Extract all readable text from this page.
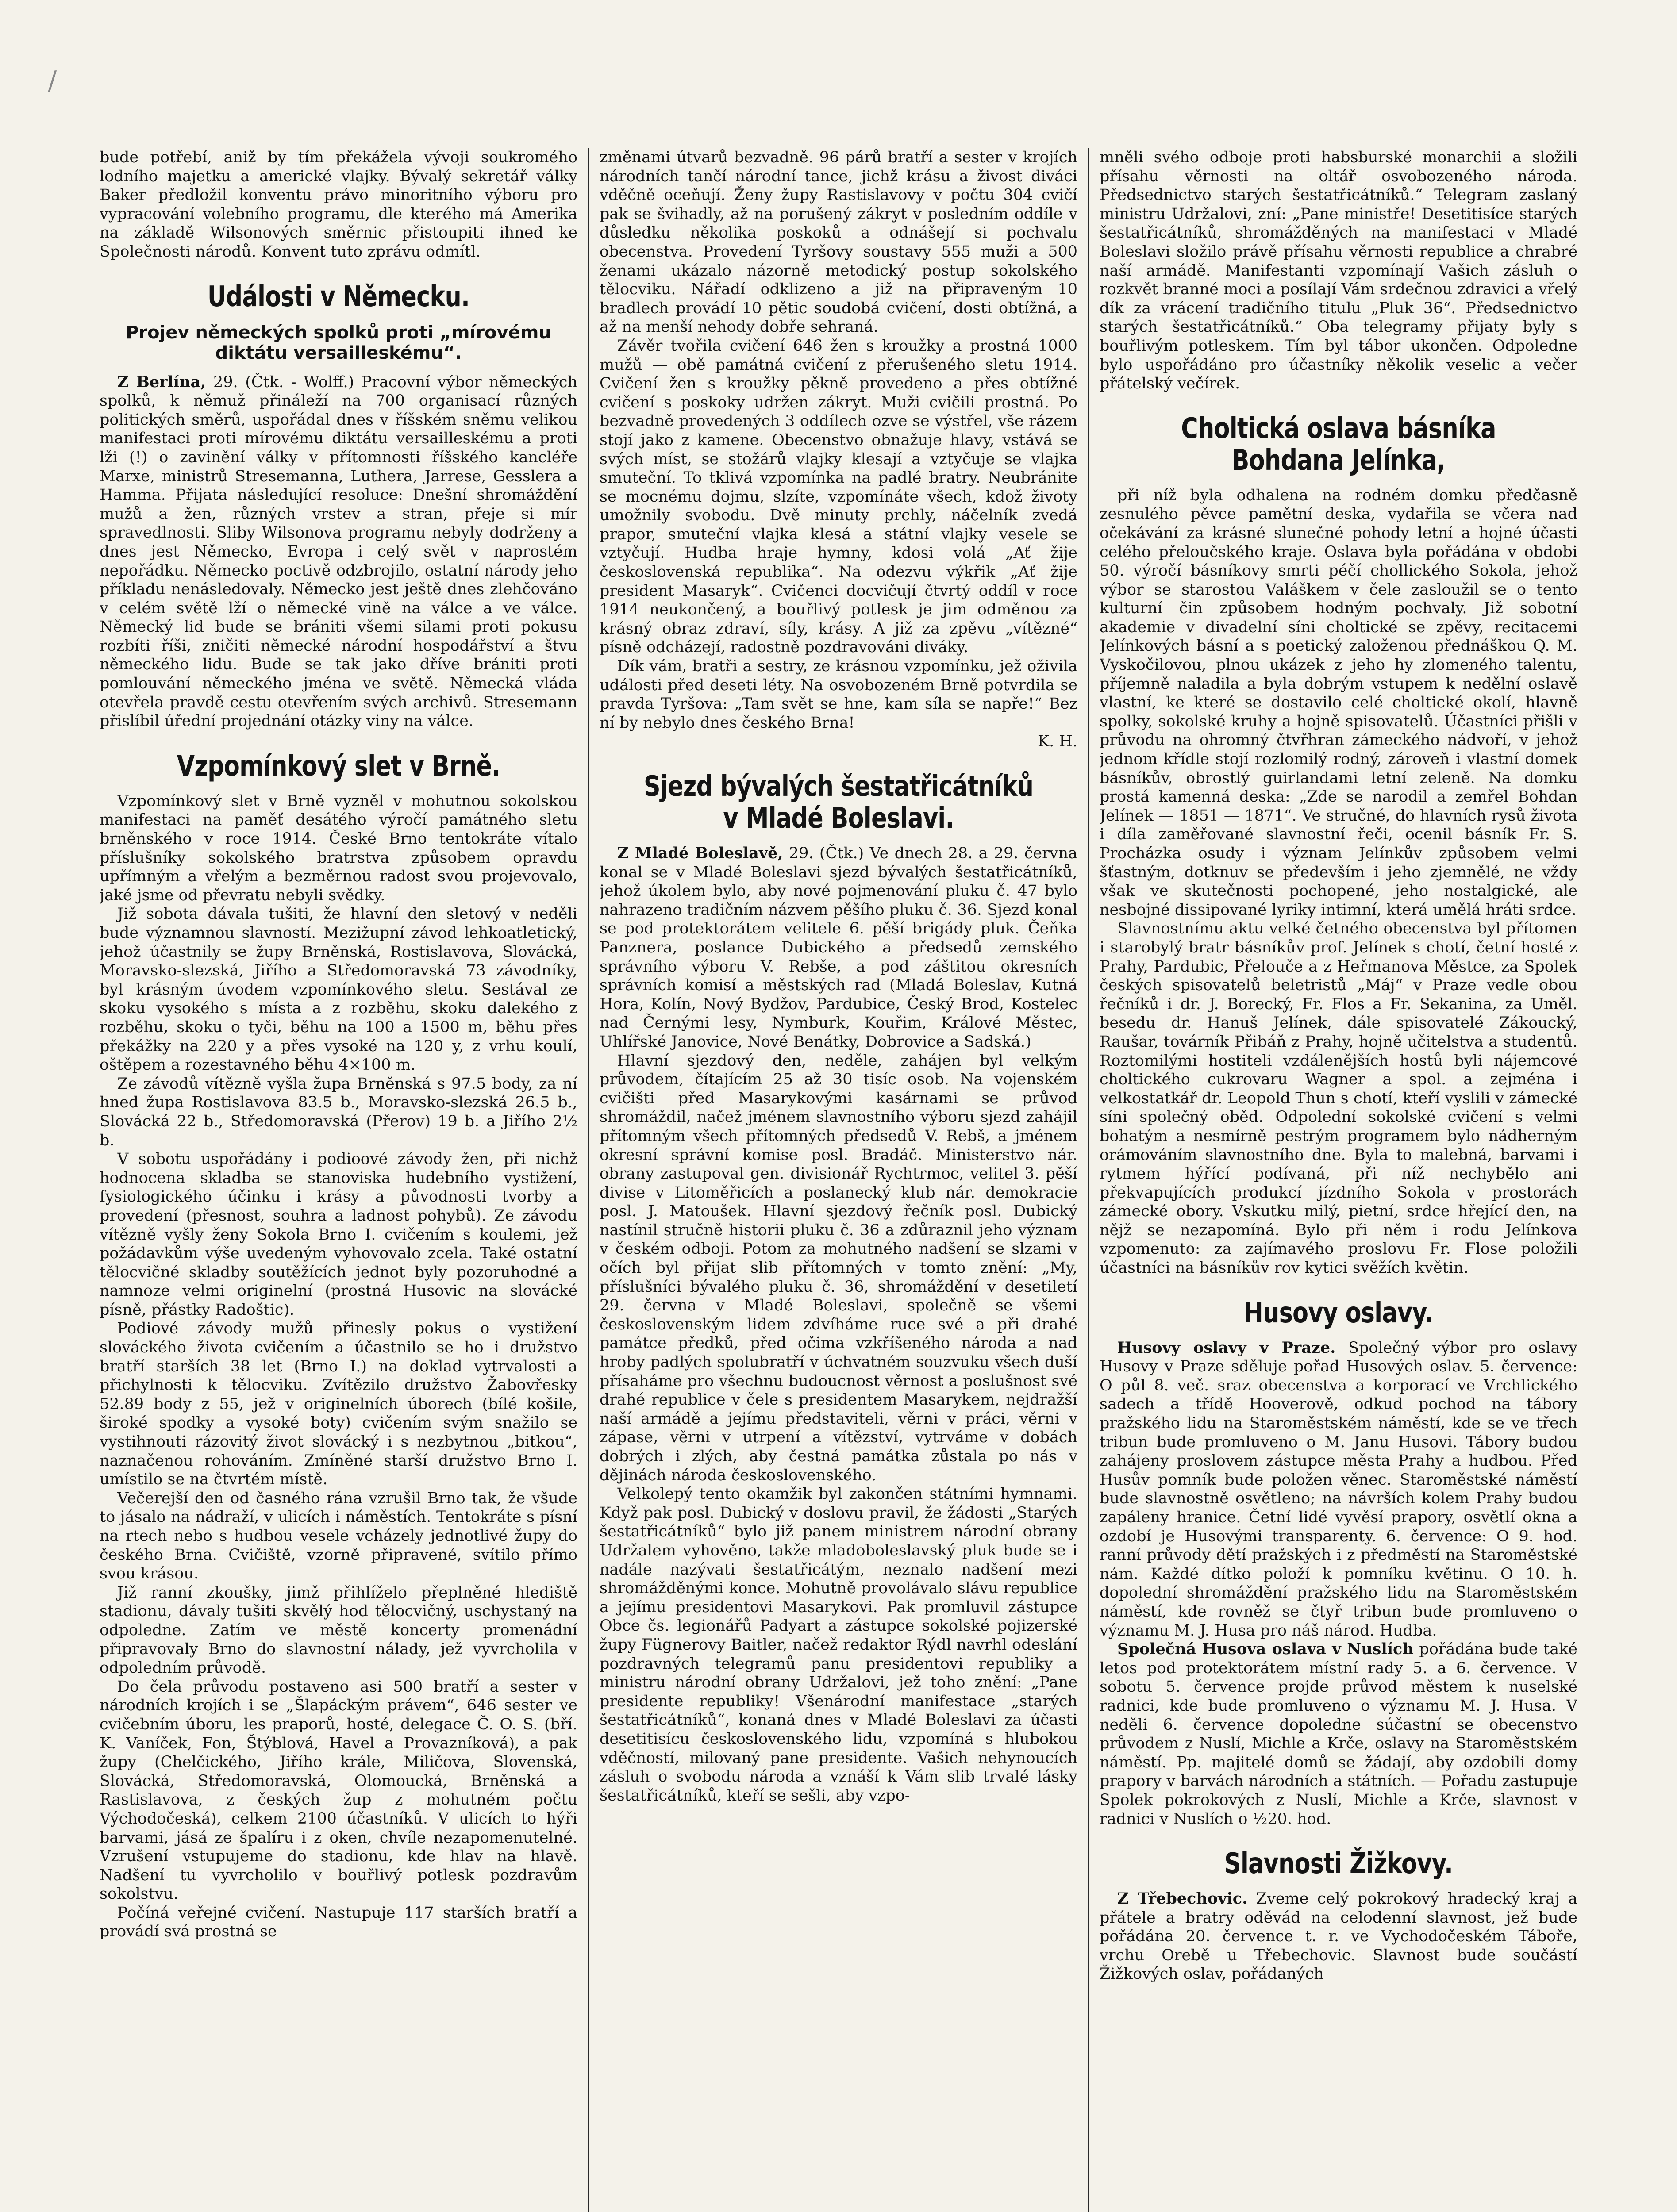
/

bude potřebí, aniž by tím překážela vývoji soukromého lodního majetku a americké vlajky. Bývalý sekretář války Baker předložil konventu právo minoritního výboru pro vypracování volebního programu, dle kterého má Amerika na základě Wilsonových směrnic přistoupiti ihned ke Společnosti národů. Konvent tuto zprávu odmítl.

Události v Německu.
Projev německých spolků proti „mírovému diktátu versailleskému“.

Z Berlína, 29. (Čtk. - Wolff.) Pracovní výbor německých spolků, k němuž přináleží na 700 organisací různých politických směrů, uspořádal dnes v říšském sněmu velikou manifestaci proti mírovému diktátu versailleskému a proti lži (!) o zavinění války v přítomnosti říšského kancléře Marxe, ministrů Stresemanna, Luthera, Jarrese, Gesslera a Hamma. Přijata následující resoluce: Dnešní shromáždění mužů a žen, různých vrstev a stran, přeje si mír spravedlnosti. Sliby Wilsonova programu nebyly dodrženy a dnes jest Německo, Evropa i celý svět v naprostém nepořádku. Německo poctivě odzbrojilo, ostatní národy jeho příkladu nenásledovaly. Německo jest ještě dnes zlehčováno v celém světě lží o německé vině na válce a ve válce. Německý lid bude se brániti všemi silami proti pokusu rozbíti říši, zničiti německé národní hospodářství a štvu německého lidu. Bude se tak jako dříve brániti proti pomlouvání německého jména ve světě. Německá vláda otevřela pravdě cestu otevřením svých archivů. Stresemann přislíbil úřední projednání otázky viny na válce.

Vzpomínkový slet v Brně.

Vzpomínkový slet v Brně vyzněl v mohutnou sokolskou manifestaci na paměť desátého výročí památného sletu brněnského v roce 1914. České Brno tentokráte vítalo příslušníky sokolského bratrstva způsobem opravdu upřímným a vřelým a bezměrnou radost svou projevovalo, jaké jsme od převratu nebyli svědky.

Již sobota dávala tušiti, že hlavní den sletový v neděli bude významnou slavností. Mezižupní závod lehkoatletický, jehož účastnily se župy Brněnská, Rostislavova, Slovácká, Moravsko-slezská, Jiřího a Středomoravská 73 závodníky, byl krásným úvodem vzpomínkového sletu. Sestával ze skoku vysokého s místa a z rozběhu, skoku dalekého z rozběhu, skoku o tyči, běhu na 100 a 1500 m, běhu přes překážky na 220 y a přes vysoké na 120 y, z vrhu koulí, oštěpem a rozestavného běhu 4×100 m.

Ze závodů vítězně vyšla župa Brněnská s 97.5 body, za ní hned župa Rostislavova 83.5 b., Moravsko-slezská 26.5 b., Slovácká 22 b., Středomoravská (Přerov) 19 b. a Jiřího 2½ b.

V sobotu uspořádány i podioové závody žen, při nichž hodnocena skladba se stanoviska hudebního vystižení, fysiologického účinku i krásy a původnosti tvorby a provedení (přesnost, souhra a ladnost pohybů). Ze závodu vítězně vyšly ženy Sokola Brno I. cvičením s koulemi, jež požádavkům výše uvedeným vyhovovalo zcela. Také ostatní tělocvičné skladby soutěžících jednot byly pozoruhodné a namnoze velmi originelní (prostná Husovic na slovácké písně, přástky Radoštic).

Podiové závody mužů přinesly pokus o vystižení slováckého života cvičením a účastnilo se ho i družstvo bratří starších 38 let (Brno I.) na doklad vytrvalosti a přichylnosti k tělocviku. Zvítězilo družstvo Žabovřesky 52.89 body z 55, jež v originelních úborech (bílé košile, široké spodky a vysoké boty) cvičením svým snažilo se vystihnouti rázovitý život slovácký i s nezbytnou „bitkou“, naznačenou rohováním. Zmíněné starší družstvo Brno I. umístilo se na čtvrtém místě.

Večerejší den od časného rána vzrušil Brno tak, že všude to jásalo na nádraží, v ulicích i náměstích. Tentokráte s písní na rtech nebo s hudbou vesele vcházely jednotlivé župy do českého Brna. Cvičiště, vzorně připravené, svítilo přímo svou krásou.

Již ranní zkoušky, jimž přihlíželo přeplněné hlediště stadionu, dávaly tušiti skvělý hod tělocvičný, uschystaný na odpoledne. Zatím ve městě koncerty promenádní připravovaly Brno do slavnostní nálady, jež vyvrcholila v odpoledním průvodě.

Do čela průvodu postaveno asi 500 bratří a sester v národních krojích i se „Šlapáckým právem“, 646 sester ve cvičebním úboru, les praporů, hosté, delegace Č. O. S. (bří. K. Vaníček, Fon, Štýblová, Havel a Provazníková), a pak župy (Chelčického, Jiřího krále, Miličova, Slovenská, Slovácká, Středomoravská, Olomoucká, Brněnská a Rastislavova, z českých žup z mohutném počtu Východočeská), celkem 2100 účastníků. V ulicích to hýři barvami, jásá ze špalíru i z oken, chvíle nezapomenutelné. Vzrušení vstupujeme do stadionu, kde hlav na hlavě. Nadšení tu vyvrcholilo v bouřlivý potlesk pozdravům sokolstvu.

Počíná veřejné cvičení. Nastupuje 117 starších bratří a provádí svá prostná se

změnami útvarů bezvadně. 96 párů bratří a sester v krojích národních tančí národní tance, jichž krásu a živost diváci vděčně oceňují. Ženy župy Rastislavovy v počtu 304 cvičí pak se švihadly, až na porušený zákryt v posledním oddíle v důsledku několika poskoků a odnášejí si pochvalu obecenstva. Provedení Tyršovy soustavy 555 muži a 500 ženami ukázalo názorně metodický postup sokolského tělocviku. Nářadí odklizeno a již na připraveným 10 bradlech provádí 10 pětic soudobá cvičení, dosti obtížná, a až na menší nehody dobře sehraná.

Závěr tvořila cvičení 646 žen s kroužky a prostná 1000 mužů — obě památná cvičení z přerušeného sletu 1914. Cvičení žen s kroužky pěkně provedeno a přes obtížné cvičení s poskoky udržen zákryt. Muži cvičili prostná. Po bezvadně provedených 3 oddílech ozve se výstřel, vše rázem stojí jako z kamene. Obecenstvo obnažuje hlavy, vstává se svých míst, se stožárů vlajky klesají a vztyčuje se vlajka smuteční. To tklivá vzpomínka na padlé bratry. Neubránite se mocnému dojmu, slzíte, vzpomínáte všech, kdož životy umožnily svobodu. Dvě minuty prchly, náčelník zvedá prapor, smuteční vlajka klesá a státní vlajky vesele se vztyčují. Hudba hraje hymny, kdosi volá „Ať žije československá republika“. Na odezvu výkřik „Ať žije president Masaryk“. Cvičenci docvičují čtvrtý oddíl v roce 1914 neukončený, a bouřlivý potlesk je jim odměnou za krásný obraz zdraví, síly, krásy. A již za zpěvu „vítězné“ písně odcházejí, radostně pozdravováni diváky.

Dík vám, bratři a sestry, ze krásnou vzpomínku, jež oživila události před deseti léty. Na osvobozeném Brně potvrdila se pravda Tyršova: „Tam svět se hne, kam síla se napře!“ Bez ní by nebylo dnes českého Brna!

K. H.

Sjezd bývalých šestatřicátníků v Mladé Boleslavi.

Z Mladé Boleslavě, 29. (Čtk.) Ve dnech 28. a 29. června konal se v Mladé Boleslavi sjezd bývalých šestatřicátníků, jehož úkolem bylo, aby nové pojmenování pluku č. 47 bylo nahrazeno tradičním názvem pěšího pluku č. 36. Sjezd konal se pod protektorátem velitele 6. pěší brigády pluk. Čeňka Panznera, poslance Dubického a předsedů zemského správního výboru V. Rebše, a pod záštitou okresních správních komisí a městských rad (Mladá Boleslav, Kutná Hora, Kolín, Nový Bydžov, Pardubice, Český Brod, Kostelec nad Černými lesy, Nymburk, Kouřim, Králové Městec, Uhlířské Janovice, Nové Benátky, Dobrovice a Sadská.)

Hlavní sjezdový den, neděle, zahájen byl velkým průvodem, čítajícím 25 až 30 tisíc osob. Na vojenském cvičišti před Masarykovými kasárnami se průvod shromáždil, načež jménem slavnostního výboru sjezd zahájil přítomným všech přítomných předsedů V. Rebš, a jménem okresní správní komise posl. Bradáč. Ministerstvo nár. obrany zastupoval gen. divisionář Rychtrmoc, velitel 3. pěší divise v Litoměřicích a poslanecký klub nár. demokracie posl. J. Matoušek. Hlavní sjezdový řečník posl. Dubický nastínil stručně historii pluku č. 36 a zdůraznil jeho význam v českém odboji. Potom za mohutného nadšení se slzami v očích byl přijat slib přítomných v tomto znění: „My, příslušníci bývalého pluku č. 36, shromáždění v desetiletí 29. června v Mladé Boleslavi, společně se všemi československým lidem zdvíháme ruce své a při drahé památce předků, před očima vzkříšeného národa a nad hroby padlých spolubratří v úchvatném souzvuku všech duší přísaháme pro všechnu budoucnost věrnost a poslušnost své drahé republice v čele s presidentem Masarykem, nejdražší naší armádě a jejímu představiteli, věrni v práci, věrni v zápase, věrni v utrpení a vítězství, vytrváme v dobách dobrých i zlých, aby čestná památka zůstala po nás v dějinách národa československého.

Velkolepý tento okamžik byl zakončen státními hymnami. Když pak posl. Dubický v doslovu pravil, že žádosti „Starých šestatřicátníků“ bylo již panem ministrem národní obrany Udržalem vyhověno, takže mladoboleslavský pluk bude se i nadále nazývati šestatřicátým, neznalo nadšení mezi shromážděnými konce. Mohutně provolávalo slávu republice a jejímu presidentovi Masarykovi. Pak promluvil zástupce Obce čs. legionářů Padyart a zástupce sokolské pojizerské župy Fügnerovy Baitler, načež redaktor Rýdl navrhl odeslání pozdravných telegramů panu presidentovi republiky a ministru národní obrany Udržalovi, jež toho znění: „Pane presidente republiky! Všenárodní manifestace „starých šestatřicátníků“, konaná dnes v Mladé Boleslavi za účasti desetitisícu československého lidu, vzpomíná s hlubokou vděčností, milovaný pane presidente. Vašich nehynoucích zásluh o svobodu národa a vznáší k Vám slib trvalé lásky šestatřicátníků, kteří se sešli, aby vzpo-

mněli svého odboje proti habsburské monarchii a složili přísahu věrnosti na oltář osvobozeného národa. Předsednictvo starých šestatřicátníků.“ Telegram zaslaný ministru Udržalovi, zní: „Pane ministře! Desetitisíce starých šestatřicátníků, shromážděných na manifestaci v Mladé Boleslavi složilo právě přísahu věrnosti republice a chrabré naší armádě. Manifestanti vzpomínají Vašich zásluh o rozkvět branné moci a posílají Vám srdečnou zdravici a vřelý dík za vrácení tradičního titulu „Pluk 36“. Předsednictvo starých šestatřicátníků.“ Oba telegramy přijaty byly s bouřlivým potleskem. Tím byl tábor ukončen. Odpoledne bylo uspořádáno pro účastníky několik veselic a večer přátelský večírek.

Choltická oslava básníka Bohdana Jelínka,

při níž byla odhalena na rodném domku předčasně zesnulého pěvce pamětní deska, vydařila se včera nad očekávání za krásné slunečné pohody letní a hojné účasti celého přeloučského kraje. Oslava byla pořádána v obdobi 50. výročí básníkovy smrti péčí chollického Sokola, jehož výbor se starostou Valáškem v čele zasloužil se o tento kulturní čin způsobem hodným pochvaly. Již sobotní akademie v divadelní síni choltické se zpěvy, recitacemi Jelínkových básní a s poetický založenou přednáškou Q. M. Vyskočilovou, plnou ukázek z jeho hy zlomeného talentu, příjemně naladila a byla dobrým vstupem k nedělní oslavě vlastní, ke které se dostavilo celé choltické okolí, hlavně spolky, sokolské kruhy a hojně spisovatelů. Účastníci přišli v průvodu na ohromný čtvřhran zámeckého nádvoří, v jehož jednom křídle stojí rozlomilý rodný, zároveň i vlastní domek básníkův, obrostlý guirlandami letní zeleně. Na domku prostá kamenná deska: „Zde se narodil a zemřel Bohdan Jelínek — 1851 — 1871“. Ve stručné, do hlavních rysů života i díla zaměřované slavnostní řeči, ocenil básník Fr. S. Procházka osudy i význam Jelínkův způsobem velmi šťastným, dotknuv se především i jeho zjemnělé, ne vždy však ve skutečnosti pochopené, jeho nostalgické, ale nesbojné dissipované lyriky intimní, která umělá hráti srdce.

Slavnostnímu aktu velké četného obecenstva byl přítomen i starobylý bratr básníkův prof. Jelínek s chotí, četní hosté z Prahy, Pardubic, Přelouče a z Heřmanova Městce, za Spolek českých spisovatelů beletristů „Máj“ v Praze vedle obou řečníků i dr. J. Borecký, Fr. Flos a Fr. Sekanina, za Uměl. besedu dr. Hanuš Jelínek, dále spisovatelé Zákoucký, Raušar, továrník Přibáň z Prahy, hojně učitelstva a studentů. Roztomilými hostiteli vzdálenějších hostů byli nájemcové choltického cukrovaru Wagner a spol. a zejména i velkostatkář dr. Leopold Thun s chotí, kteří vyslili v zámecké síni společný oběd. Odpolední sokolské cvičení s velmi bohatým a nesmírně pestrým programem bylo nádherným orámováním slavnostního dne. Byla to malebná, barvami i rytmem hýřící podívaná, při níž nechybělo ani překvapujících produkcí jízdního Sokola v prostorách zámecké obory. Vskutku milý, pietní, srdce hřející den, na nějž se nezapomíná. Bylo při něm i rodu Jelínkova vzpomenuto: za zajímavého proslovu Fr. Flose položili účastníci na básníkův rov kytici svěžích květin.

Husovy oslavy.

Husovy oslavy v Praze. Společný výbor pro oslavy Husovy v Praze sděluje pořad Husových oslav. 5. července: O půl 8. več. sraz obecenstva a korporací ve Vrchlického sadech a třídě Hooverově, odkud pochod na tábory pražského lidu na Staroměstském náměstí, kde se ve třech tribun bude promluveno o M. Janu Husovi. Tábory budou zahájeny proslovem zástupce města Prahy a hudbou. Před Husův pomník bude položen věnec. Staroměstské náměstí bude slavnostně osvětleno; na návrších kolem Prahy budou zapáleny hranice. Četní lidé vyvěsí prapory, osvětlí okna a ozdobí je Husovými transparenty. 6. července: O 9. hod. ranní průvody dětí pražských i z předměstí na Staroměstské nám. Každé dítko položí k pomníku květinu. O 10. h. dopolední shromáždění pražského lidu na Staroměstském náměstí, kde rovněž se čtyř tribun bude promluveno o významu M. J. Husa pro náš národ. Hudba.

Společná Husova oslava v Nuslích pořádána bude také letos pod protektorátem místní rady 5. a 6. července. V sobotu 5. července projde průvod městem k nuselské radnici, kde bude promluveno o významu M. J. Husa. V neděli 6. července dopoledne súčastní se obecenstvo průvodem z Nuslí, Michle a Krče, oslavy na Staroměstském náměstí. Pp. majitelé domů se žádají, aby ozdobili domy prapory v barvách národních a státních. — Pořadu zastupuje Spolek pokrokových z Nuslí, Michle a Krče, slavnost v radnici v Nuslích o ½20. hod.

Slavnosti Žižkovy.

Z Třebechovic. Zveme celý pokrokový hradecký kraj a přátele a bratry oděvád na celodenní slavnost, jež bude pořádána 20. července t. r. ve Vychodočeském Táboře, vrchu Orebě u Třebechovic. Slavnost bude součástí Žižkových oslav, pořádaných
